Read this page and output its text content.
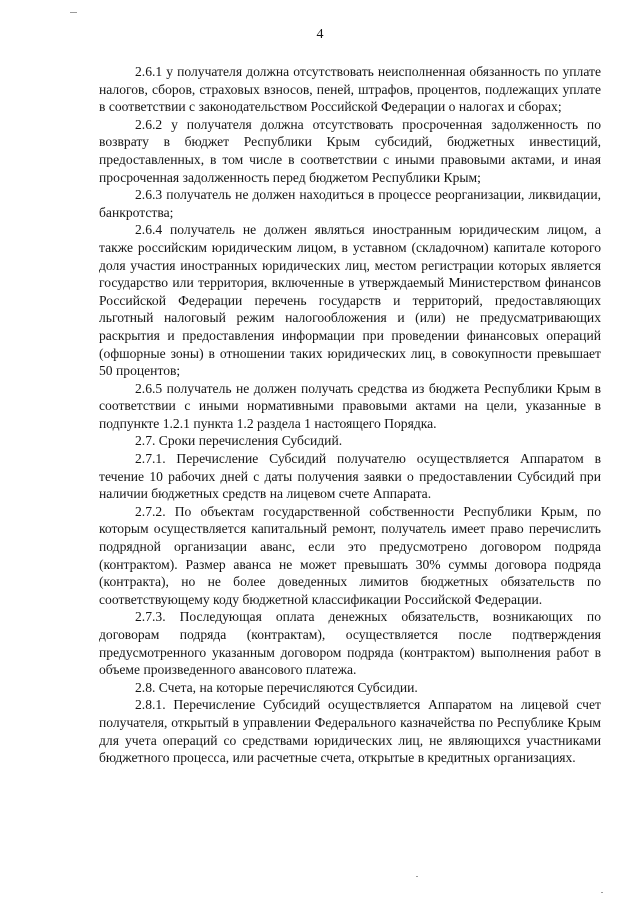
4

2.6.1 у получателя должна отсутствовать неисполненная обязанность по уплате налогов, сборов, страховых взносов, пеней, штрафов, процентов, подлежащих уплате в соответствии с законодательством Российской Федерации о налогах и сборах;

2.6.2 у получателя должна отсутствовать просроченная задолженность по возврату в бюджет Республики Крым субсидий, бюджетных инвестиций, предоставленных, в том числе в соответствии с иными правовыми актами, и иная просроченная задолженность перед бюджетом Республики Крым;

2.6.3 получатель не должен находиться в процессе реорганизации, ликвидации, банкротства;

2.6.4 получатель не должен являться иностранным юридическим лицом, а также российским юридическим лицом, в уставном (складочном) капитале которого доля участия иностранных юридических лиц, местом регистрации которых является государство или территория, включенные в утверждаемый Министерством финансов Российской Федерации перечень государств и территорий, предоставляющих льготный налоговый режим налогообложения и (или) не предусматривающих раскрытия и предоставления информации при проведении финансовых операций (офшорные зоны) в отношении таких юридических лиц, в совокупности превышает 50 процентов;

2.6.5 получатель не должен получать средства из бюджета Республики Крым в соответствии с иными нормативными правовыми актами на цели, указанные в подпункте 1.2.1 пункта 1.2 раздела 1 настоящего Порядка.

2.7. Сроки перечисления Субсидий.

2.7.1. Перечисление Субсидий получателю осуществляется Аппаратом в течение 10 рабочих дней с даты получения заявки о предоставлении Субсидий при наличии бюджетных средств на лицевом счете Аппарата.

2.7.2. По объектам государственной собственности Республики Крым, по которым осуществляется капитальный ремонт, получатель имеет право перечислить подрядной организации аванс, если это предусмотрено договором подряда (контрактом). Размер аванса не может превышать 30% суммы договора подряда (контракта), но не более доведенных лимитов бюджетных обязательств по соответствующему коду бюджетной классификации Российской Федерации.

2.7.3. Последующая оплата денежных обязательств, возникающих по договорам подряда (контрактам), осуществляется после подтверждения предусмотренного указанным договором подряда (контрактом) выполнения работ в объеме произведенного авансового платежа.

2.8. Счета, на которые перечисляются Субсидии.

2.8.1. Перечисление Субсидий осуществляется Аппаратом на лицевой счет получателя, открытый в управлении Федерального казначейства по Республике Крым для учета операций со средствами юридических лиц, не являющихся участниками бюджетного процесса, или расчетные счета, открытые в кредитных организациях.
